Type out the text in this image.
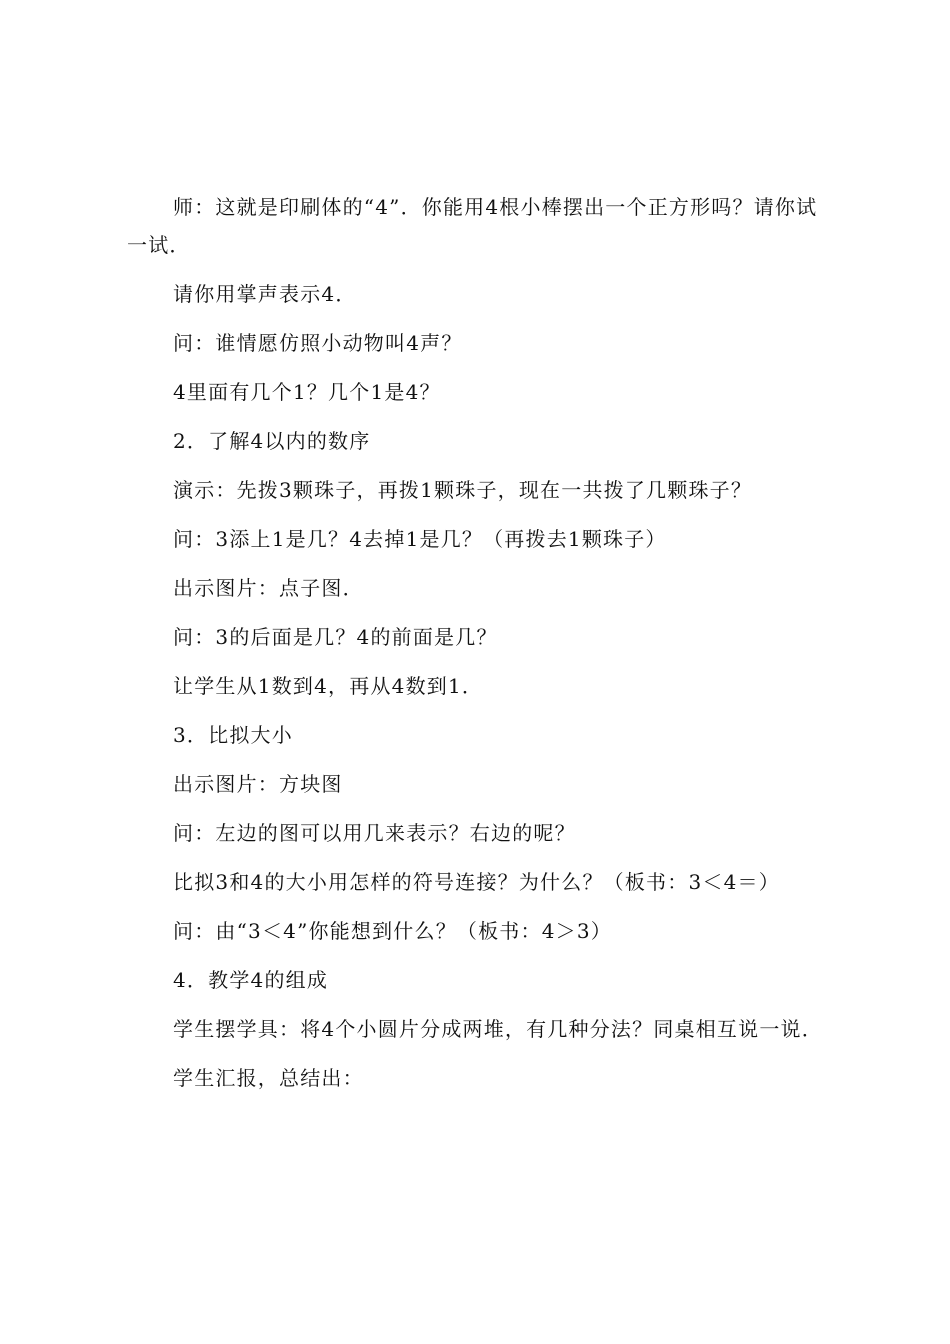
师：这就是印刷体的“4”．你能用4根小棒摆出一个正方形吗？请你试一试．

请你用掌声表示4．

问：谁情愿仿照小动物叫4声？

4里面有几个1？几个1是4？

2．了解4以内的数序

演示：先拨3颗珠子，再拨1颗珠子，现在一共拨了几颗珠子？

问：3添上1是几？4去掉1是几？（再拨去1颗珠子）

出示图片：点子图．

问：3的后面是几？4的前面是几？

让学生从1数到4，再从4数到1．

3．比拟大小

出示图片：方块图

问：左边的图可以用几来表示？右边的呢？

比拟3和4的大小用怎样的符号连接？为什么？（板书：3＜4＝）

问：由“3＜4”你能想到什么？（板书：4＞3）

4．教学4的组成

学生摆学具：将4个小圆片分成两堆，有几种分法？同桌相互说一说．

学生汇报，总结出：
